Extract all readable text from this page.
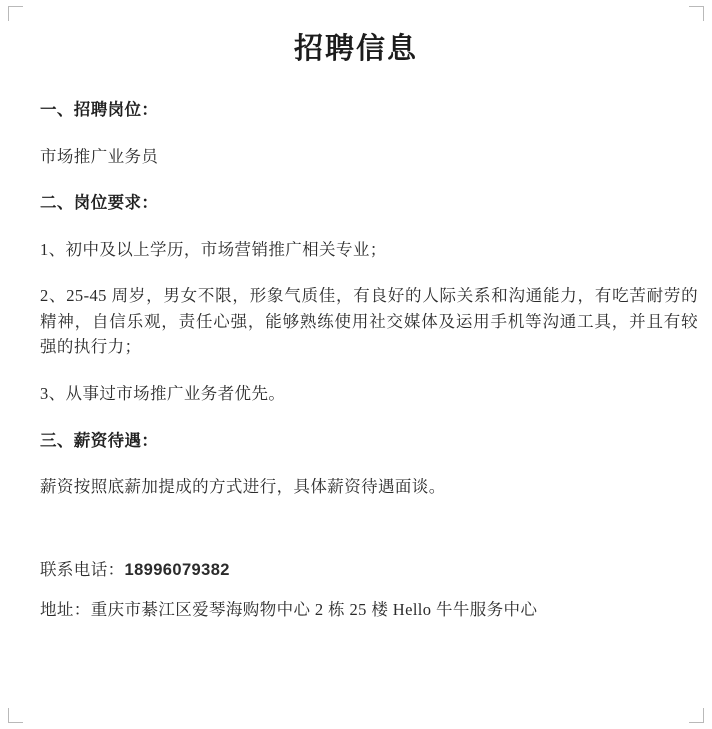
招聘信息

一、招聘岗位：

市场推广业务员

二、岗位要求：

1、初中及以上学历，市场营销推广相关专业；

2、25-45 周岁，男女不限，形象气质佳，有良好的人际关系和沟通能力，有吃苦耐劳的精神，自信乐观，责任心强，能够熟练使用社交媒体及运用手机等沟通工具，并且有较强的执行力；

3、从事过市场推广业务者优先。

三、薪资待遇：

薪资按照底薪加提成的方式进行，具体薪资待遇面谈。

联系电话：18996079382

地址：重庆市綦江区爱琴海购物中心 2 栋 25 楼 Hello 牛牛服务中心
